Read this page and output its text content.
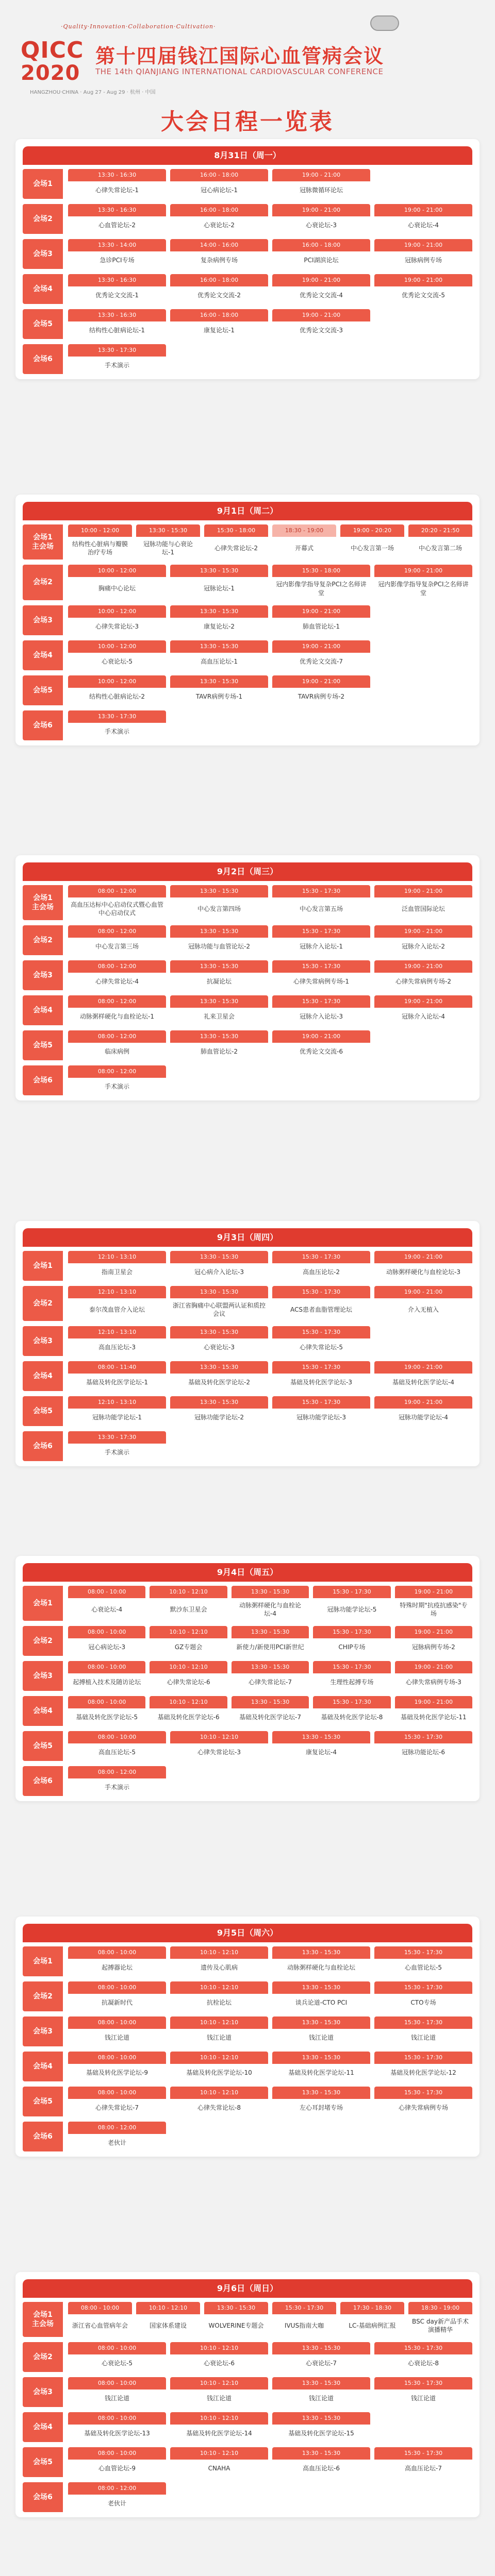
·Quality·Innovation·Collaboration·Cultivation·
QICC
2020
第十四届钱江国际心血管病会议
THE 14th QIANJIANG INTERNATIONAL CARDIOVASCULAR CONFERENCE
HANGZHOU·CHINA · Aug 27 - Aug 29 · 杭州 · 中国
大会日程一览表
8月31日（周一）
会场1
13:30 - 16:30
心律失常论坛-1
16:00 - 18:00
冠心病论坛-1
19:00 - 21:00
冠脉微循环论坛
会场2
13:30 - 16:30
心血管论坛-2
16:00 - 18:00
心衰论坛-2
19:00 - 21:00
心衰论坛-3
19:00 - 21:00
心衰论坛-4
会场3
13:30 - 14:00
急诊PCI专场
14:00 - 16:00
复杂病例专场
16:00 - 18:00
PCI湖滨论坛
19:00 - 21:00
冠脉病例专场
会场4
13:30 - 16:30
优秀论文交流-1
16:00 - 18:00
优秀论文交流-2
19:00 - 21:00
优秀论文交流-4
19:00 - 21:00
优秀论文交流-5
会场5
13:30 - 16:30
结构性心脏病论坛-1
16:00 - 18:00
康复论坛-1
19:00 - 21:00
优秀论文交流-3
会场6
13:30 - 17:30
手术演示
9月1日（周二）
会场1
主会场
10:00 - 12:00
结构性心脏病与瓣膜治疗专场
13:30 - 15:30
冠脉功能与心衰论坛-1
15:30 - 18:00
心律失常论坛-2
18:30 - 19:00
开幕式
19:00 - 20:20
中心发言第一场
20:20 - 21:50
中心发言第二场
会场2
10:00 - 12:00
胸痛中心论坛
13:30 - 15:30
冠脉论坛-1
15:30 - 18:00
冠内影像学指导复杂PCI之名师讲堂
19:00 - 21:00
冠内影像学指导复杂PCI之名师讲堂
会场3
10:00 - 12:00
心律失常论坛-3
13:30 - 15:30
康复论坛-2
19:00 - 21:00
肺血管论坛-1
会场4
10:00 - 12:00
心衰论坛-5
13:30 - 15:30
高血压论坛-1
19:00 - 21:00
优秀论文交流-7
会场5
10:00 - 12:00
结构性心脏病论坛-2
13:30 - 15:30
TAVR病例专场-1
19:00 - 21:00
TAVR病例专场-2
会场6
13:30 - 17:30
手术演示
9月2日（周三）
会场1
主会场
08:00 - 12:00
高血压达标中心启动仪式暨心血管中心启动仪式
13:30 - 15:30
中心发言第四场
15:30 - 17:30
中心发言第五场
19:00 - 21:00
泛血管国际论坛
会场2
08:00 - 12:00
中心发言第三场
13:30 - 15:30
冠脉功能与血管论坛-2
15:30 - 17:30
冠脉介入论坛-1
19:00 - 21:00
冠脉介入论坛-2
会场3
08:00 - 12:00
心律失常论坛-4
13:30 - 15:30
抗凝论坛
15:30 - 17:30
心律失常病例专场-1
19:00 - 21:00
心律失常病例专场-2
会场4
08:00 - 12:00
动脉粥样硬化与血栓论坛-1
13:30 - 15:30
礼来卫星会
15:30 - 17:30
冠脉介入论坛-3
19:00 - 21:00
冠脉介入论坛-4
会场5
08:00 - 12:00
临床病例
13:30 - 15:30
肺血管论坛-2
19:00 - 21:00
优秀论文交流-6
会场6
08:00 - 12:00
手术演示
9月3日（周四）
会场1
12:10 - 13:10
指南卫星会
13:30 - 15:30
冠心病介入论坛-3
15:30 - 17:30
高血压论坛-2
19:00 - 21:00
动脉粥样硬化与血栓论坛-3
会场2
12:10 - 13:10
泰尔茂血管介入论坛
13:30 - 15:30
浙江省胸痛中心联盟两认证和质控会议
15:30 - 17:30
ACS患者血脂管理论坛
19:00 - 21:00
介入无植入
会场3
12:10 - 13:10
高血压论坛-3
13:30 - 15:30
心衰论坛-3
15:30 - 17:30
心律失常论坛-5
会场4
08:00 - 11:40
基础及转化医学论坛-1
13:30 - 15:30
基础及转化医学论坛-2
15:30 - 17:30
基础及转化医学论坛-3
19:00 - 21:00
基础及转化医学论坛-4
会场5
12:10 - 13:10
冠脉功能学论坛-1
13:30 - 15:30
冠脉功能学论坛-2
15:30 - 17:30
冠脉功能学论坛-3
19:00 - 21:00
冠脉功能学论坛-4
会场6
13:30 - 17:30
手术演示
9月4日（周五）
会场1
08:00 - 10:00
心衰论坛-4
10:10 - 12:10
默沙东卫星会
13:30 - 15:30
动脉粥样硬化与血栓论坛-4
15:30 - 17:30
冠脉功能学论坛-5
19:00 - 21:00
特殊时期"抗疫抗感染"专场
会场2
08:00 - 10:00
冠心病论坛-3
10:10 - 12:10
GZ专题会
13:30 - 15:30
新使力/新使用PCI新世纪
15:30 - 17:30
CHIP专场
19:00 - 21:00
冠脉病例专场-2
会场3
08:00 - 10:00
起搏植入技术及随访论坛
10:10 - 12:10
心律失常论坛-6
13:30 - 15:30
心律失常论坛-7
15:30 - 17:30
生理性起搏专场
19:00 - 21:00
心律失常病例专场-3
会场4
08:00 - 10:00
基础及转化医学论坛-5
10:10 - 12:10
基础及转化医学论坛-6
13:30 - 15:30
基础及转化医学论坛-7
15:30 - 17:30
基础及转化医学论坛-8
19:00 - 21:00
基础及转化医学论坛-11
会场5
08:00 - 10:00
高血压论坛-5
10:10 - 12:10
心律失常论坛-3
13:30 - 15:30
康复论坛-4
15:30 - 17:30
冠脉功能论坛-6
会场6
08:00 - 12:00
手术演示
9月5日（周六）
会场1
08:00 - 10:00
起搏器论坛
10:10 - 12:10
遗传及心肌病
13:30 - 15:30
动脉粥样硬化与血栓论坛
15:30 - 17:30
心血管论坛-5
会场2
08:00 - 10:00
抗凝新时代
10:10 - 12:10
抗栓论坛
13:30 - 15:30
谈兵论道-CTO PCI
15:30 - 17:30
CTO专场
会场3
08:00 - 10:00
钱江论道
10:10 - 12:10
钱江论道
13:30 - 15:30
钱江论道
15:30 - 17:30
钱江论道
会场4
08:00 - 10:00
基础及转化医学论坛-9
10:10 - 12:10
基础及转化医学论坛-10
13:30 - 15:30
基础及转化医学论坛-11
15:30 - 17:30
基础及转化医学论坛-12
会场5
08:00 - 10:00
心律失常论坛-7
10:10 - 12:10
心律失常论坛-8
13:30 - 15:30
左心耳封堵专场
15:30 - 17:30
心律失常病例专场
会场6
08:00 - 12:00
老伙计
9月6日（周日）
会场1
主会场
08:00 - 10:00
浙江省心血管病年会
10:10 - 12:10
国家体系建设
13:30 - 15:30
WOLVERINE专题会
15:30 - 17:30
IVUS指南大咖
17:30 - 18:30
LC-基础病例汇报
18:30 - 19:00
BSC day新产品手术演播精华
会场2
08:00 - 10:00
心衰论坛-5
10:10 - 12:10
心衰论坛-6
13:30 - 15:30
心衰论坛-7
15:30 - 17:30
心衰论坛-8
会场3
08:00 - 10:00
钱江论道
10:10 - 12:10
钱江论道
13:30 - 15:30
钱江论道
15:30 - 17:30
钱江论道
会场4
08:00 - 10:00
基础及转化医学论坛-13
10:10 - 12:10
基础及转化医学论坛-14
13:30 - 15:30
基础及转化医学论坛-15
会场5
08:00 - 10:00
心血管论坛-9
10:10 - 12:10
CNAHA
13:30 - 15:30
高血压论坛-6
15:30 - 17:30
高血压论坛-7
会场6
08:00 - 12:00
老伙计
